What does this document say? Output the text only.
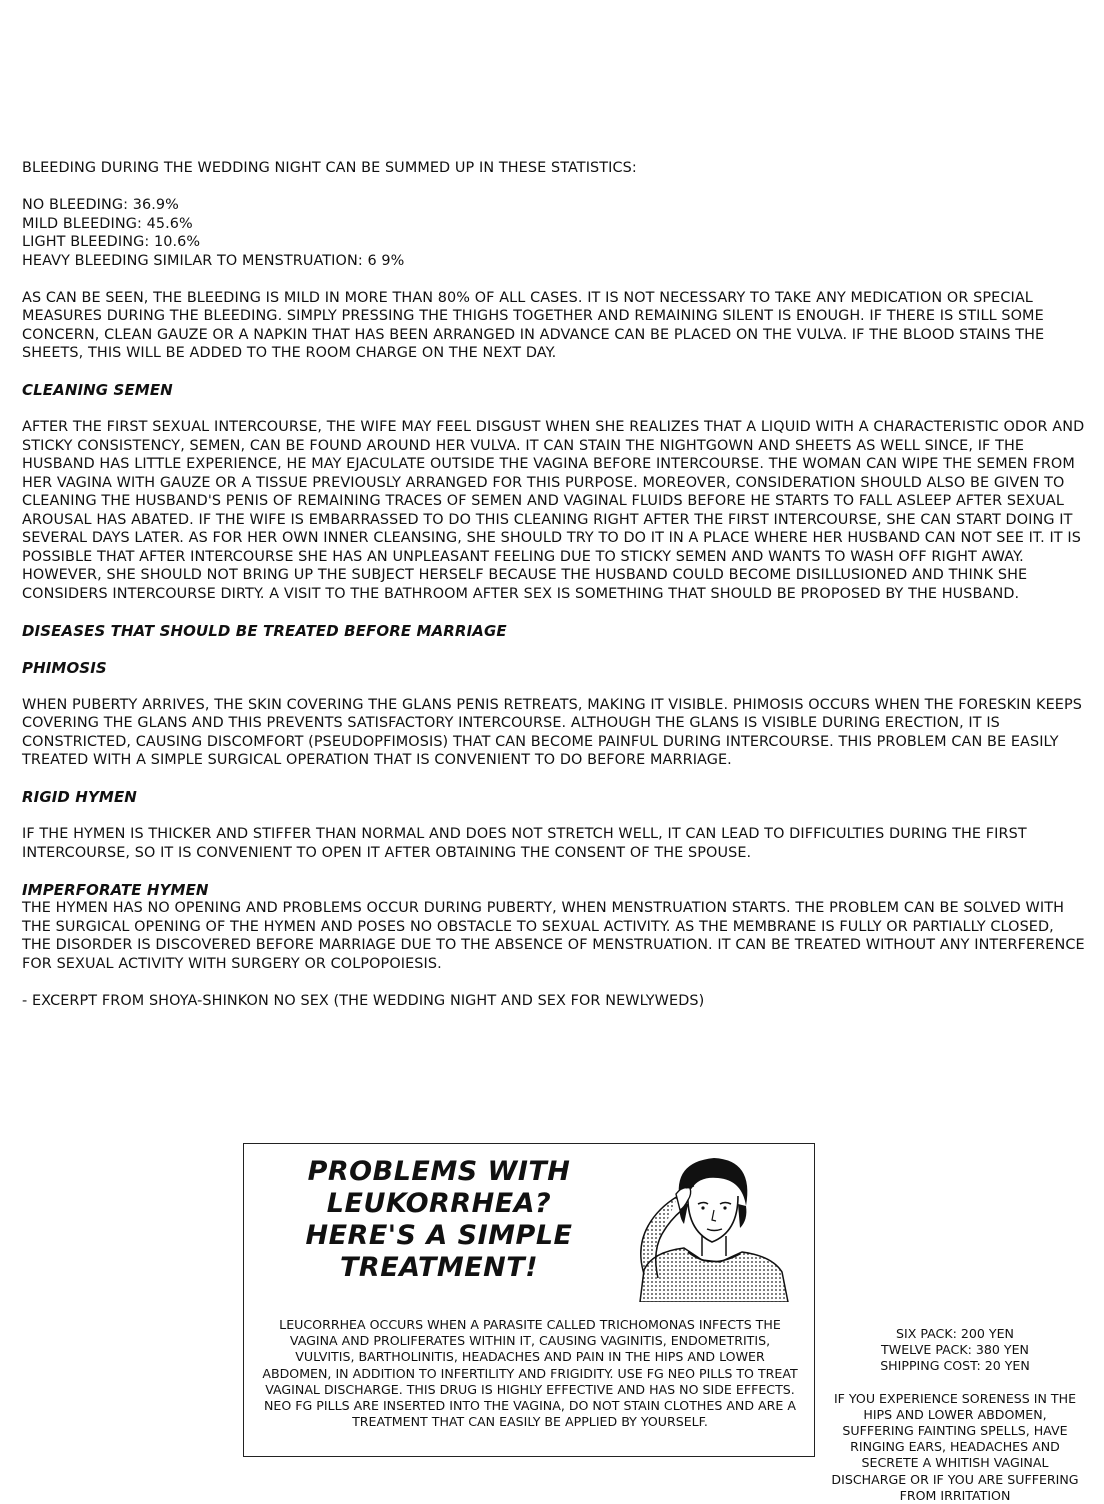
BLEEDING DURING THE WEDDING NIGHT CAN BE SUMMED UP IN THESE STATISTICS:

NO BLEEDING: 36.9%

MILD BLEEDING: 45.6%

LIGHT BLEEDING: 10.6%

HEAVY BLEEDING SIMILAR TO MENSTRUATION: 6 9%

AS CAN BE SEEN, THE BLEEDING IS MILD IN MORE THAN 80% OF ALL CASES. IT IS NOT NECESSARY TO TAKE ANY MEDICATION OR SPECIAL MEASURES DURING THE BLEEDING. SIMPLY PRESSING THE THIGHS TOGETHER AND REMAINING SILENT IS ENOUGH. IF THERE IS STILL SOME CONCERN, CLEAN GAUZE OR A NAPKIN THAT HAS BEEN ARRANGED IN ADVANCE CAN BE PLACED ON THE VULVA. IF THE BLOOD STAINS THE SHEETS, THIS WILL BE ADDED TO THE ROOM CHARGE ON THE NEXT DAY.

CLEANING SEMEN

AFTER THE FIRST SEXUAL INTERCOURSE, THE WIFE MAY FEEL DISGUST WHEN SHE REALIZES THAT A LIQUID WITH A CHARACTERISTIC ODOR AND STICKY CONSISTENCY, SEMEN, CAN BE FOUND AROUND HER VULVA. IT CAN STAIN THE NIGHTGOWN AND SHEETS AS WELL SINCE, IF THE HUSBAND HAS LITTLE EXPERIENCE, HE MAY EJACULATE OUTSIDE THE VAGINA BEFORE INTERCOURSE. THE WOMAN CAN WIPE THE SEMEN FROM HER VAGINA WITH GAUZE OR A TISSUE PREVIOUSLY ARRANGED FOR THIS PURPOSE. MOREOVER, CONSIDERATION SHOULD ALSO BE GIVEN TO CLEANING THE HUSBAND'S PENIS OF REMAINING TRACES OF SEMEN AND VAGINAL FLUIDS BEFORE HE STARTS TO FALL ASLEEP AFTER SEXUAL AROUSAL HAS ABATED. IF THE WIFE IS EMBARRASSED TO DO THIS CLEANING RIGHT AFTER THE FIRST INTERCOURSE, SHE CAN START DOING IT SEVERAL DAYS LATER. AS FOR HER OWN INNER CLEANSING, SHE SHOULD TRY TO DO IT IN A PLACE WHERE HER HUSBAND CAN NOT SEE IT. IT IS POSSIBLE THAT AFTER INTERCOURSE SHE HAS AN UNPLEASANT FEELING DUE TO STICKY SEMEN AND WANTS TO WASH OFF RIGHT AWAY. HOWEVER, SHE SHOULD NOT BRING UP THE SUBJECT HERSELF BECAUSE THE HUSBAND COULD BECOME DISILLUSIONED AND THINK SHE CONSIDERS INTERCOURSE DIRTY. A VISIT TO THE BATHROOM AFTER SEX IS SOMETHING THAT SHOULD BE PROPOSED BY THE HUSBAND.

DISEASES THAT SHOULD BE TREATED BEFORE MARRIAGE

PHIMOSIS

WHEN PUBERTY ARRIVES, THE SKIN COVERING THE GLANS PENIS RETREATS, MAKING IT VISIBLE. PHIMOSIS OCCURS WHEN THE FORESKIN KEEPS COVERING THE GLANS AND THIS PREVENTS SATISFACTORY INTERCOURSE. ALTHOUGH THE GLANS IS VISIBLE DURING ERECTION, IT IS CONSTRICTED, CAUSING DISCOMFORT (PSEUDOPFIMOSIS) THAT CAN BECOME PAINFUL DURING INTERCOURSE. THIS PROBLEM CAN BE EASILY TREATED WITH A SIMPLE SURGICAL OPERATION THAT IS CONVENIENT TO DO BEFORE MARRIAGE.

RIGID HYMEN

IF THE HYMEN IS THICKER AND STIFFER THAN NORMAL AND DOES NOT STRETCH WELL, IT CAN LEAD TO DIFFICULTIES DURING THE FIRST INTERCOURSE, SO IT IS CONVENIENT TO OPEN IT AFTER OBTAINING THE CONSENT OF THE SPOUSE.

IMPERFORATE HYMEN

THE HYMEN HAS NO OPENING AND PROBLEMS OCCUR DURING PUBERTY, WHEN MENSTRUATION STARTS. THE PROBLEM CAN BE SOLVED WITH THE SURGICAL OPENING OF THE HYMEN AND POSES NO OBSTACLE TO SEXUAL ACTIVITY. AS THE MEMBRANE IS FULLY OR PARTIALLY CLOSED, THE DISORDER IS DISCOVERED BEFORE MARRIAGE DUE TO THE ABSENCE OF MENSTRUATION. IT CAN BE TREATED WITHOUT ANY INTERFERENCE FOR SEXUAL ACTIVITY WITH SURGERY OR COLPOPOIESIS.

- EXCERPT FROM SHOYA-SHINKON NO SEX (THE WEDDING NIGHT AND SEX FOR NEWLYWEDS)

PROBLEMS WITH
LEUKORRHEA?
HERE'S A SIMPLE
TREATMENT!
LEUCORRHEA OCCURS WHEN A PARASITE CALLED TRICHOMONAS INFECTS THE VAGINA AND PROLIFERATES WITHIN IT, CAUSING VAGINITIS, ENDOMETRITIS, VULVITIS, BARTHOLINITIS, HEADACHES AND PAIN IN THE HIPS AND LOWER ABDOMEN, IN ADDITION TO INFERTILITY AND FRIGIDITY. USE FG NEO PILLS TO TREAT VAGINAL DISCHARGE. THIS DRUG IS HIGHLY EFFECTIVE AND HAS NO SIDE EFFECTS. NEO FG PILLS ARE INSERTED INTO THE VAGINA, DO NOT STAIN CLOTHES AND ARE A TREATMENT THAT CAN EASILY BE APPLIED BY YOURSELF.

SIX PACK: 200 YEN

TWELVE PACK: 380 YEN

SHIPPING COST: 20 YEN

IF YOU EXPERIENCE SORENESS IN THE HIPS AND LOWER ABDOMEN, SUFFERING FAINTING SPELLS, HAVE RINGING EARS, HEADACHES AND SECRETE A WHITISH VAGINAL DISCHARGE OR IF YOU ARE SUFFERING FROM IRRITATION
